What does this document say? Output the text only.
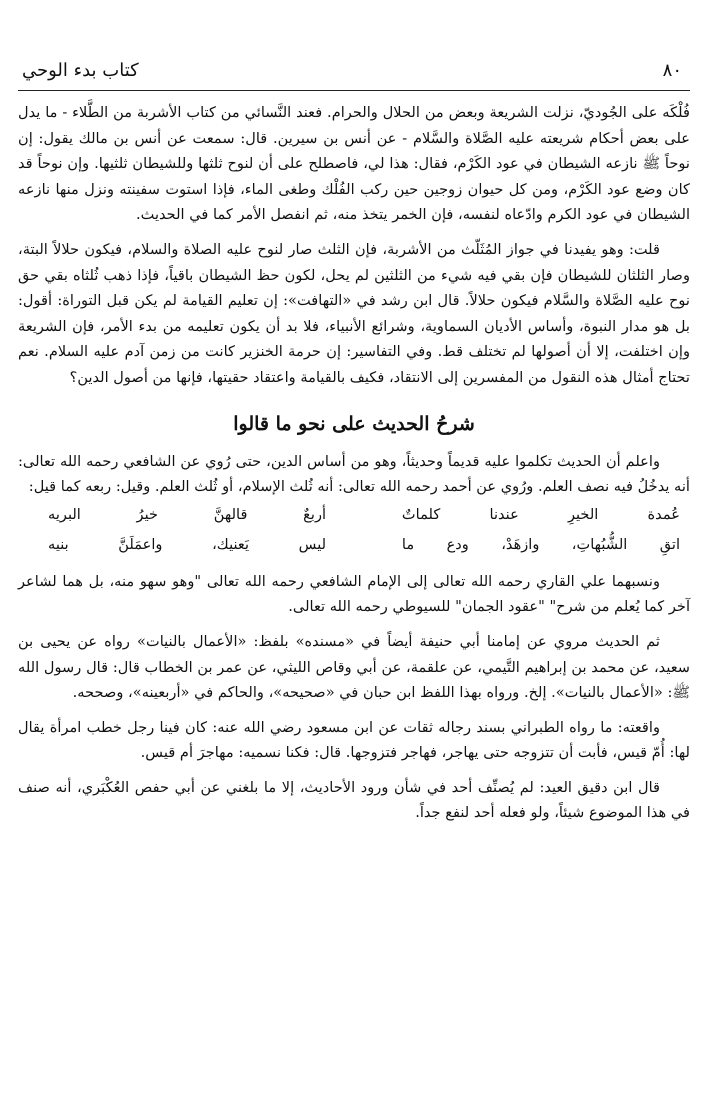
كتاب بدء الوحي	٨٠

فُلْكَه على الجُوديّ، نزلت الشريعة وبعض من الحلال والحرام. فعند النَّسائي من كتاب الأشربة من الطَّلاء - ما يدل على بعض أحكام شريعته عليه الصَّلاة والسَّلام - عن أنس بن سيرين. قال: سمعت عن أنس بن مالك يقول: إن نوحاً ﷺ نازعه الشيطان في عود الكَرْم، فقال: هذا لي، فاصطلح على أن لنوح ثلثها وللشيطان ثلثيها. وإن نوحاً قد كان وضع عود الكَرْم، ومن كل حيوان زوجين حين ركب الفُلْك وطغى الماء، فإذا استوت سفينته ونزل منها نازعه الشيطان في عود الكرم وادّعاه لنفسه، فإن الخمر يتخذ منه، ثم انفصل الأمر كما في الحديث.

قلت: وهو يفيدنا في جواز المُثَلّث من الأشربة، فإن الثلث صار لنوح عليه الصلاة والسلام، فيكون حلالاً البتة، وصار الثلثان للشيطان فإن بقي فيه شيء من الثلثين لم يحل، لكون حظ الشيطان باقياً، فإذا ذهب ثُلثاه بقي حق نوح عليه الصَّلاة والسَّلام فيكون حلالاً. قال ابن رشد في «التهافت»: إن تعليم القيامة لم يكن قبل التوراة: أقول: بل هو مدار النبوة، وأساس الأديان السماوية، وشرائع الأنبياء، فلا بد أن يكون تعليمه من بدء الأمر، فإن الشريعة وإن اختلفت، إلا أن أصولها لم تختلف قط. وفي التفاسير: إن حرمة الخنزير كانت من زمن آدم عليه السلام. نعم تحتاج أمثال هذه النقول من المفسرين إلى الانتقاد، فكيف بالقيامة واعتقاد حقيتها، فإنها من أصول الدين؟

شرحُ الحديث على نحو ما قالوا

واعلم أن الحديث تكلموا عليه قديماً وحديثاً، وهو من أساس الدين، حتى رُوي عن الشافعي رحمه الله تعالى: أنه يدخُلُ فيه نصف العلم. ورُوي عن أحمد رحمه الله تعالى: أنه ثُلث الإسلام، أو ثُلث العلم. وقيل: ربعه كما قيل:

عُمدة الخيرِ عندنا كلماتٌ
أربعٌ قالهنَّ خيرُ البريه
اتقِ الشُّبُهاتِ، وازهَدْ، ودع ما
ليس يَعنيك، واعمَلَنَّ بنيه

ونسبهما علي القاري رحمه الله تعالى إلى الإمام الشافعي رحمه الله تعالى "وهو سهو منه، بل هما لشاعر آخر كما يُعلم من شرح" "عقود الجمان" للسيوطي رحمه الله تعالى.

ثم الحديث مروي عن إمامنا أبي حنيفة أيضاً في «مسنده» بلفظ: «الأعمال بالنيات» رواه عن يحيى بن سعيد، عن محمد بن إبراهيم التَّيمي، عن علقمة، عن أبي وقاص الليثي، عن عمر بن الخطاب قال: قال رسول الله ﷺ: «الأعمال بالنيات». إلخ. ورواه بهذا اللفظ ابن حبان في «صحيحه»، والحاكم في «أربعينه»، وصححه.

واقعته: ما رواه الطبراني بسند رجاله ثقات عن ابن مسعود رضي الله عنه: كان فينا رجل خطب امرأة يقال لها: أُمّ قيس، فأبت أن تتزوجه حتى يهاجر، فهاجر فتزوجها. قال: فكنا نسميه: مهاجرَ أم قيس.

قال ابن دقيق العيد: لم يُصنِّف أحد في شأن ورود الأحاديث، إلا ما بلغني عن أبي حفص العُكْبَري، أنه صنف في هذا الموضوع شيئاً، ولو فعله أحد لنفع جداً.
